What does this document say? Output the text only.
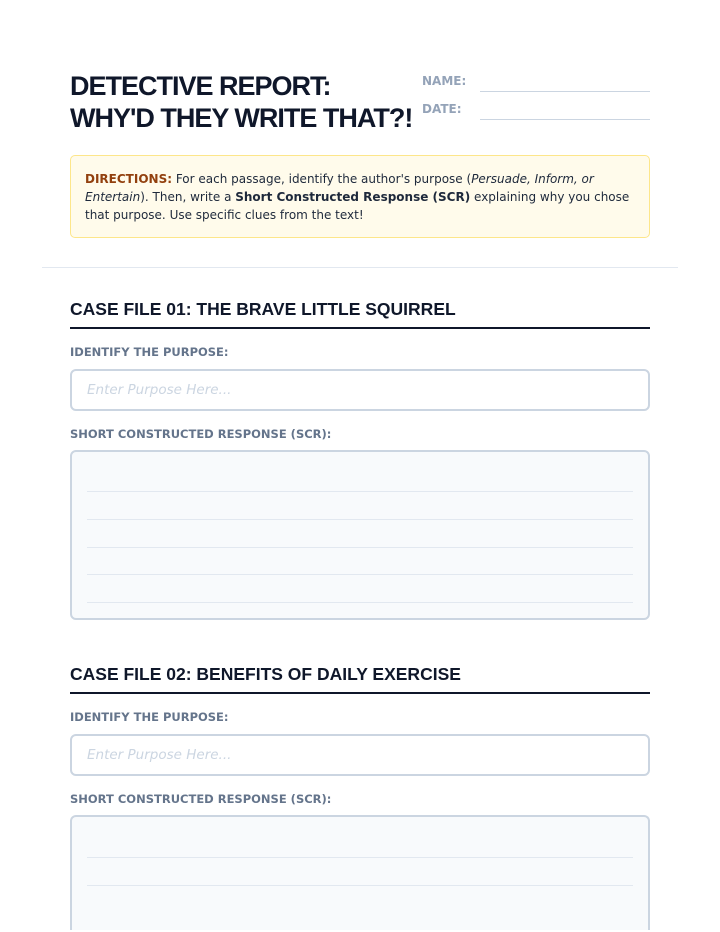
DETECTIVE REPORT:
WHY'D THEY WRITE THAT?!
NAME:
DATE:
DIRECTIONS: For each passage, identify the author's purpose (Persuade, Inform, or Entertain). Then, write a Short Constructed Response (SCR) explaining why you chose that purpose. Use specific clues from the text!
CASE FILE 01: THE BRAVE LITTLE SQUIRREL
IDENTIFY THE PURPOSE:
Enter Purpose Here...
SHORT CONSTRUCTED RESPONSE (SCR):
CASE FILE 02: BENEFITS OF DAILY EXERCISE
IDENTIFY THE PURPOSE:
Enter Purpose Here...
SHORT CONSTRUCTED RESPONSE (SCR):
